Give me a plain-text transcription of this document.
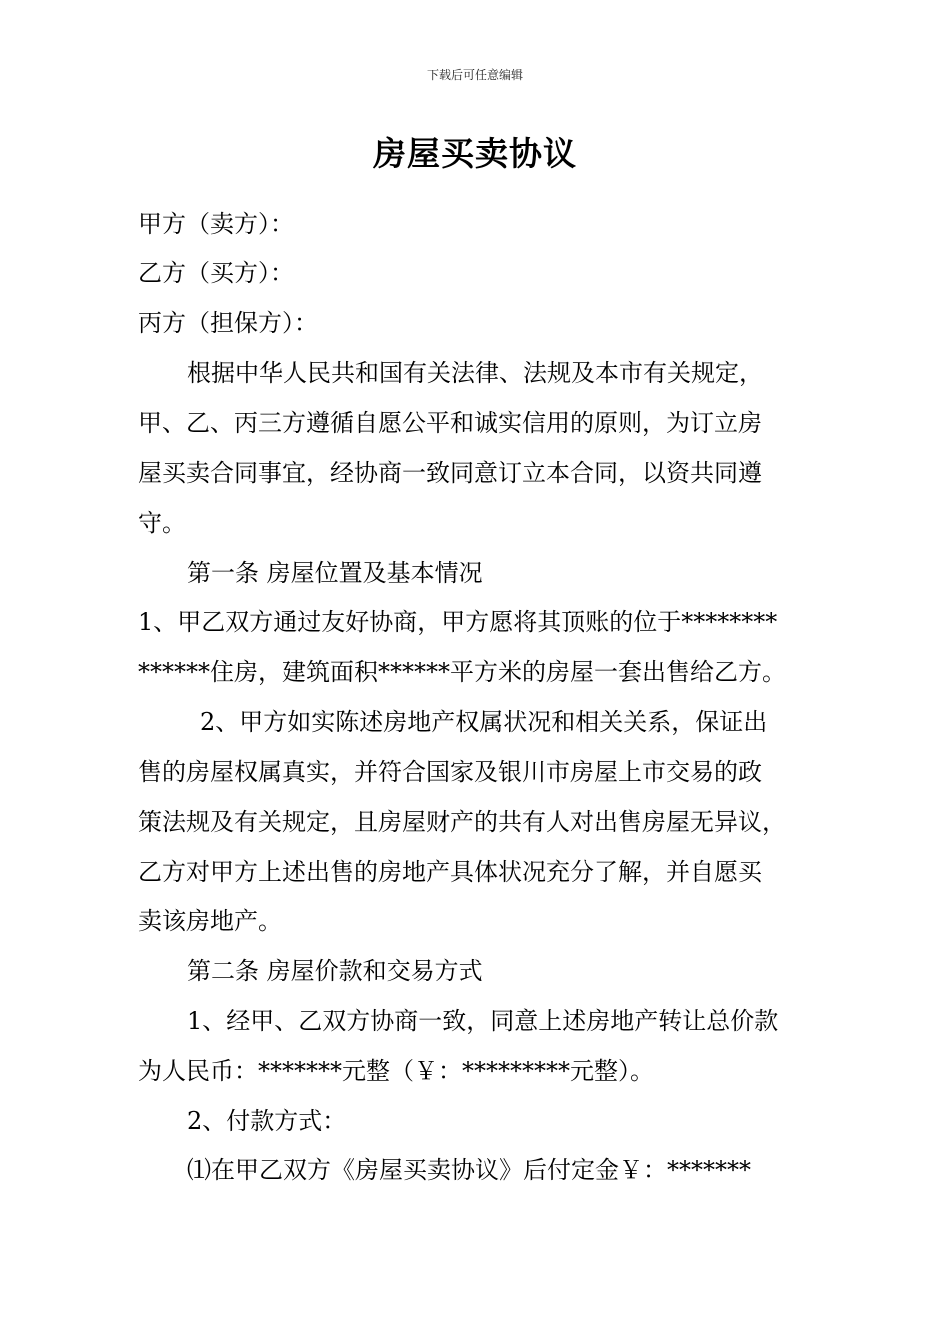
下载后可任意编辑
房屋买卖协议
甲方（卖方）：
乙方（买方）：
丙方（担保方）：
根据中华人民共和国有关法律、法规及本市有关规定，
甲、乙、丙三方遵循自愿公平和诚实信用的原则，为订立房
屋买卖合同事宜，经协商一致同意订立本合同，以资共同遵
守。
第一条 房屋位置及基本情况
1、甲乙双方通过友好协商，甲方愿将其顶账的位于********
******住房，建筑面积******平方米的房屋一套出售给乙方。
2、甲方如实陈述房地产权属状况和相关关系，保证出
售的房屋权属真实，并符合国家及银川市房屋上市交易的政
策法规及有关规定，且房屋财产的共有人对出售房屋无异议，
乙方对甲方上述出售的房地产具体状况充分了解，并自愿买
卖该房地产。
第二条 房屋价款和交易方式
1、经甲、乙双方协商一致，同意上述房地产转让总价款
为人民币：*******元整（￥：*********元整）。
2、付款方式：
⑴在甲乙双方《房屋买卖协议》后付定金￥：*******
